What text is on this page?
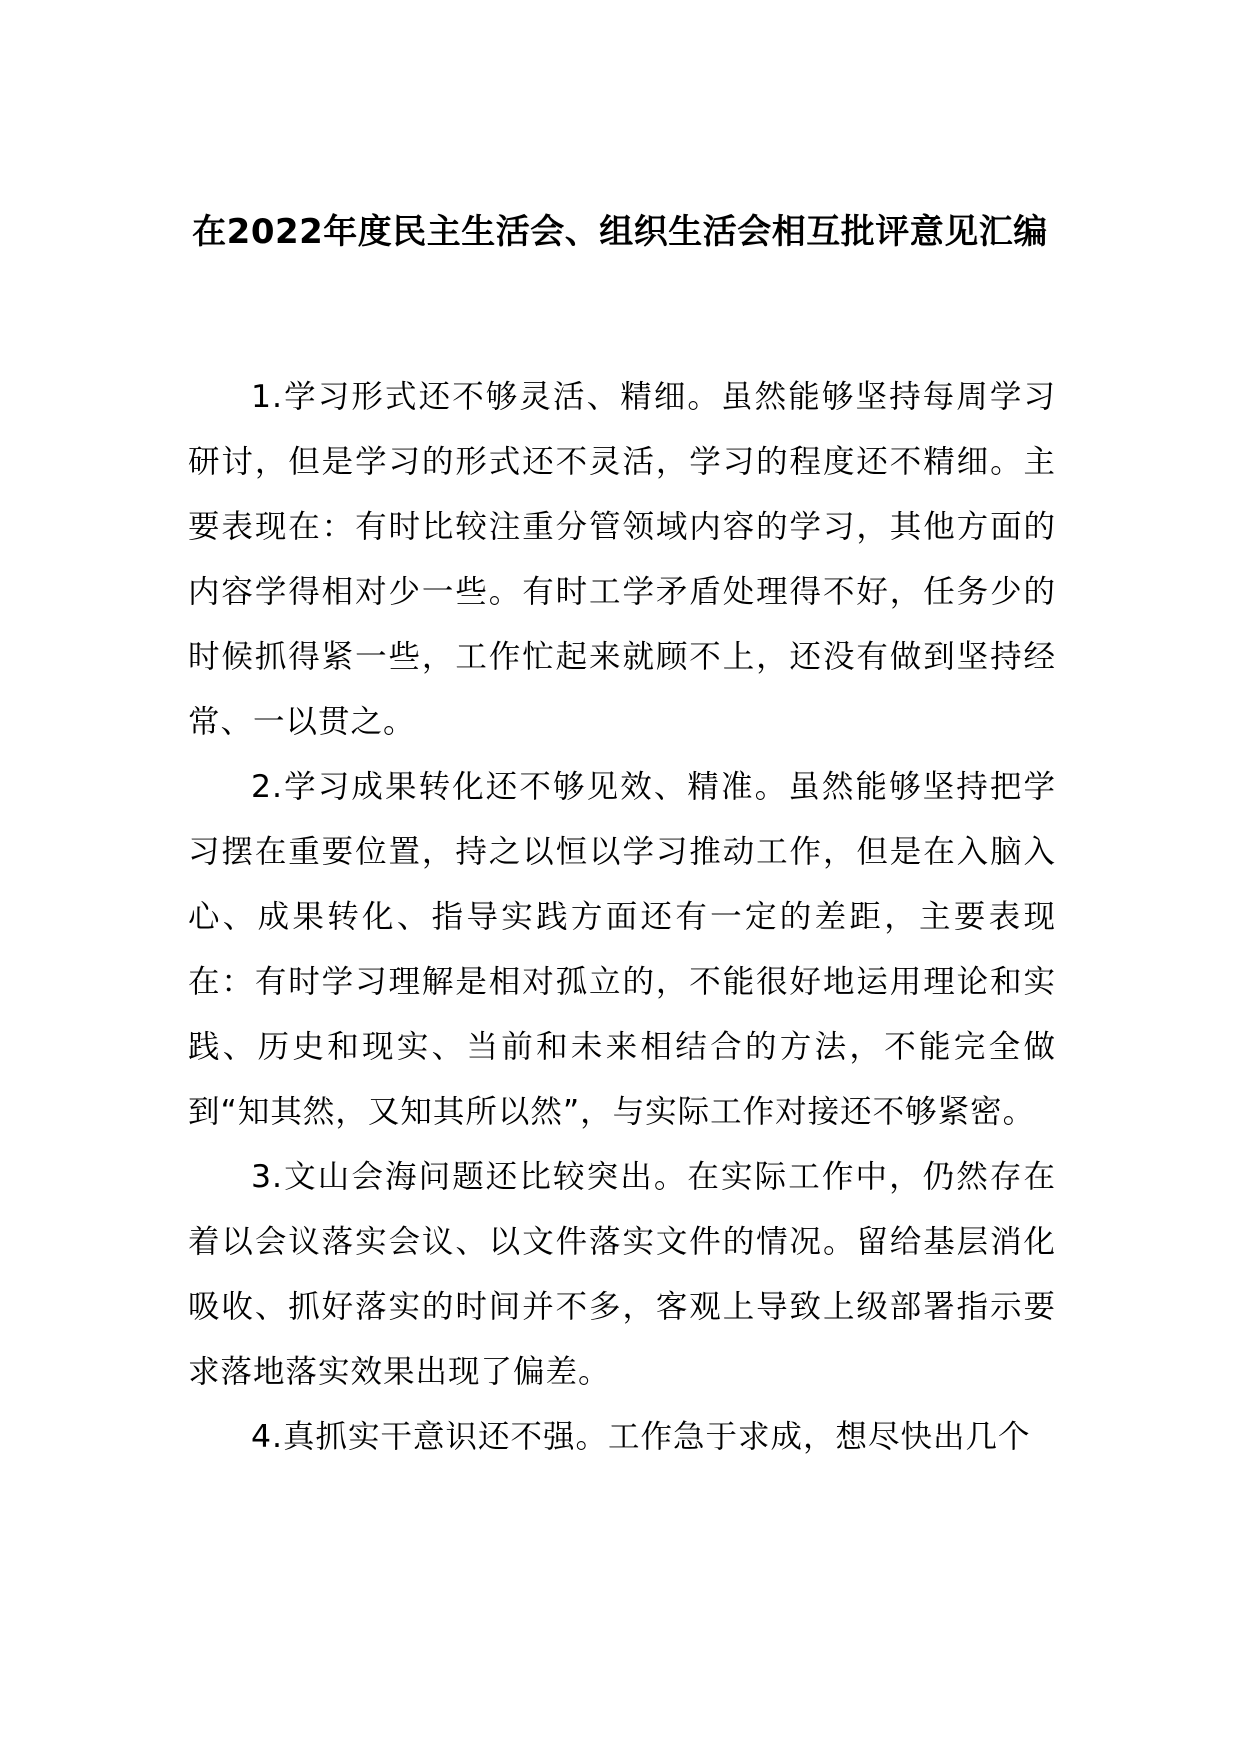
在2022年度民主生活会、组织生活会相互批评意见汇编

1.学习形式还不够灵活、精细。虽然能够坚持每周学习研讨，但是学习的形式还不灵活，学习的程度还不精细。主要表现在：有时比较注重分管领域内容的学习，其他方面的内容学得相对少一些。有时工学矛盾处理得不好，任务少的时候抓得紧一些，工作忙起来就顾不上，还没有做到坚持经常、一以贯之。

2.学习成果转化还不够见效、精准。虽然能够坚持把学习摆在重要位置，持之以恒以学习推动工作，但是在入脑入心、成果转化、指导实践方面还有一定的差距，主要表现在：有时学习理解是相对孤立的，不能很好地运用理论和实践、历史和现实、当前和未来相结合的方法，不能完全做到“知其然，又知其所以然”，与实际工作对接还不够紧密。

3.文山会海问题还比较突出。在实际工作中，仍然存在着以会议落实会议、以文件落实文件的情况。留给基层消化吸收、抓好落实的时间并不多，客观上导致上级部署指示要求落地落实效果出现了偏差。

4.真抓实干意识还不强。工作急于求成，想尽快出几个
